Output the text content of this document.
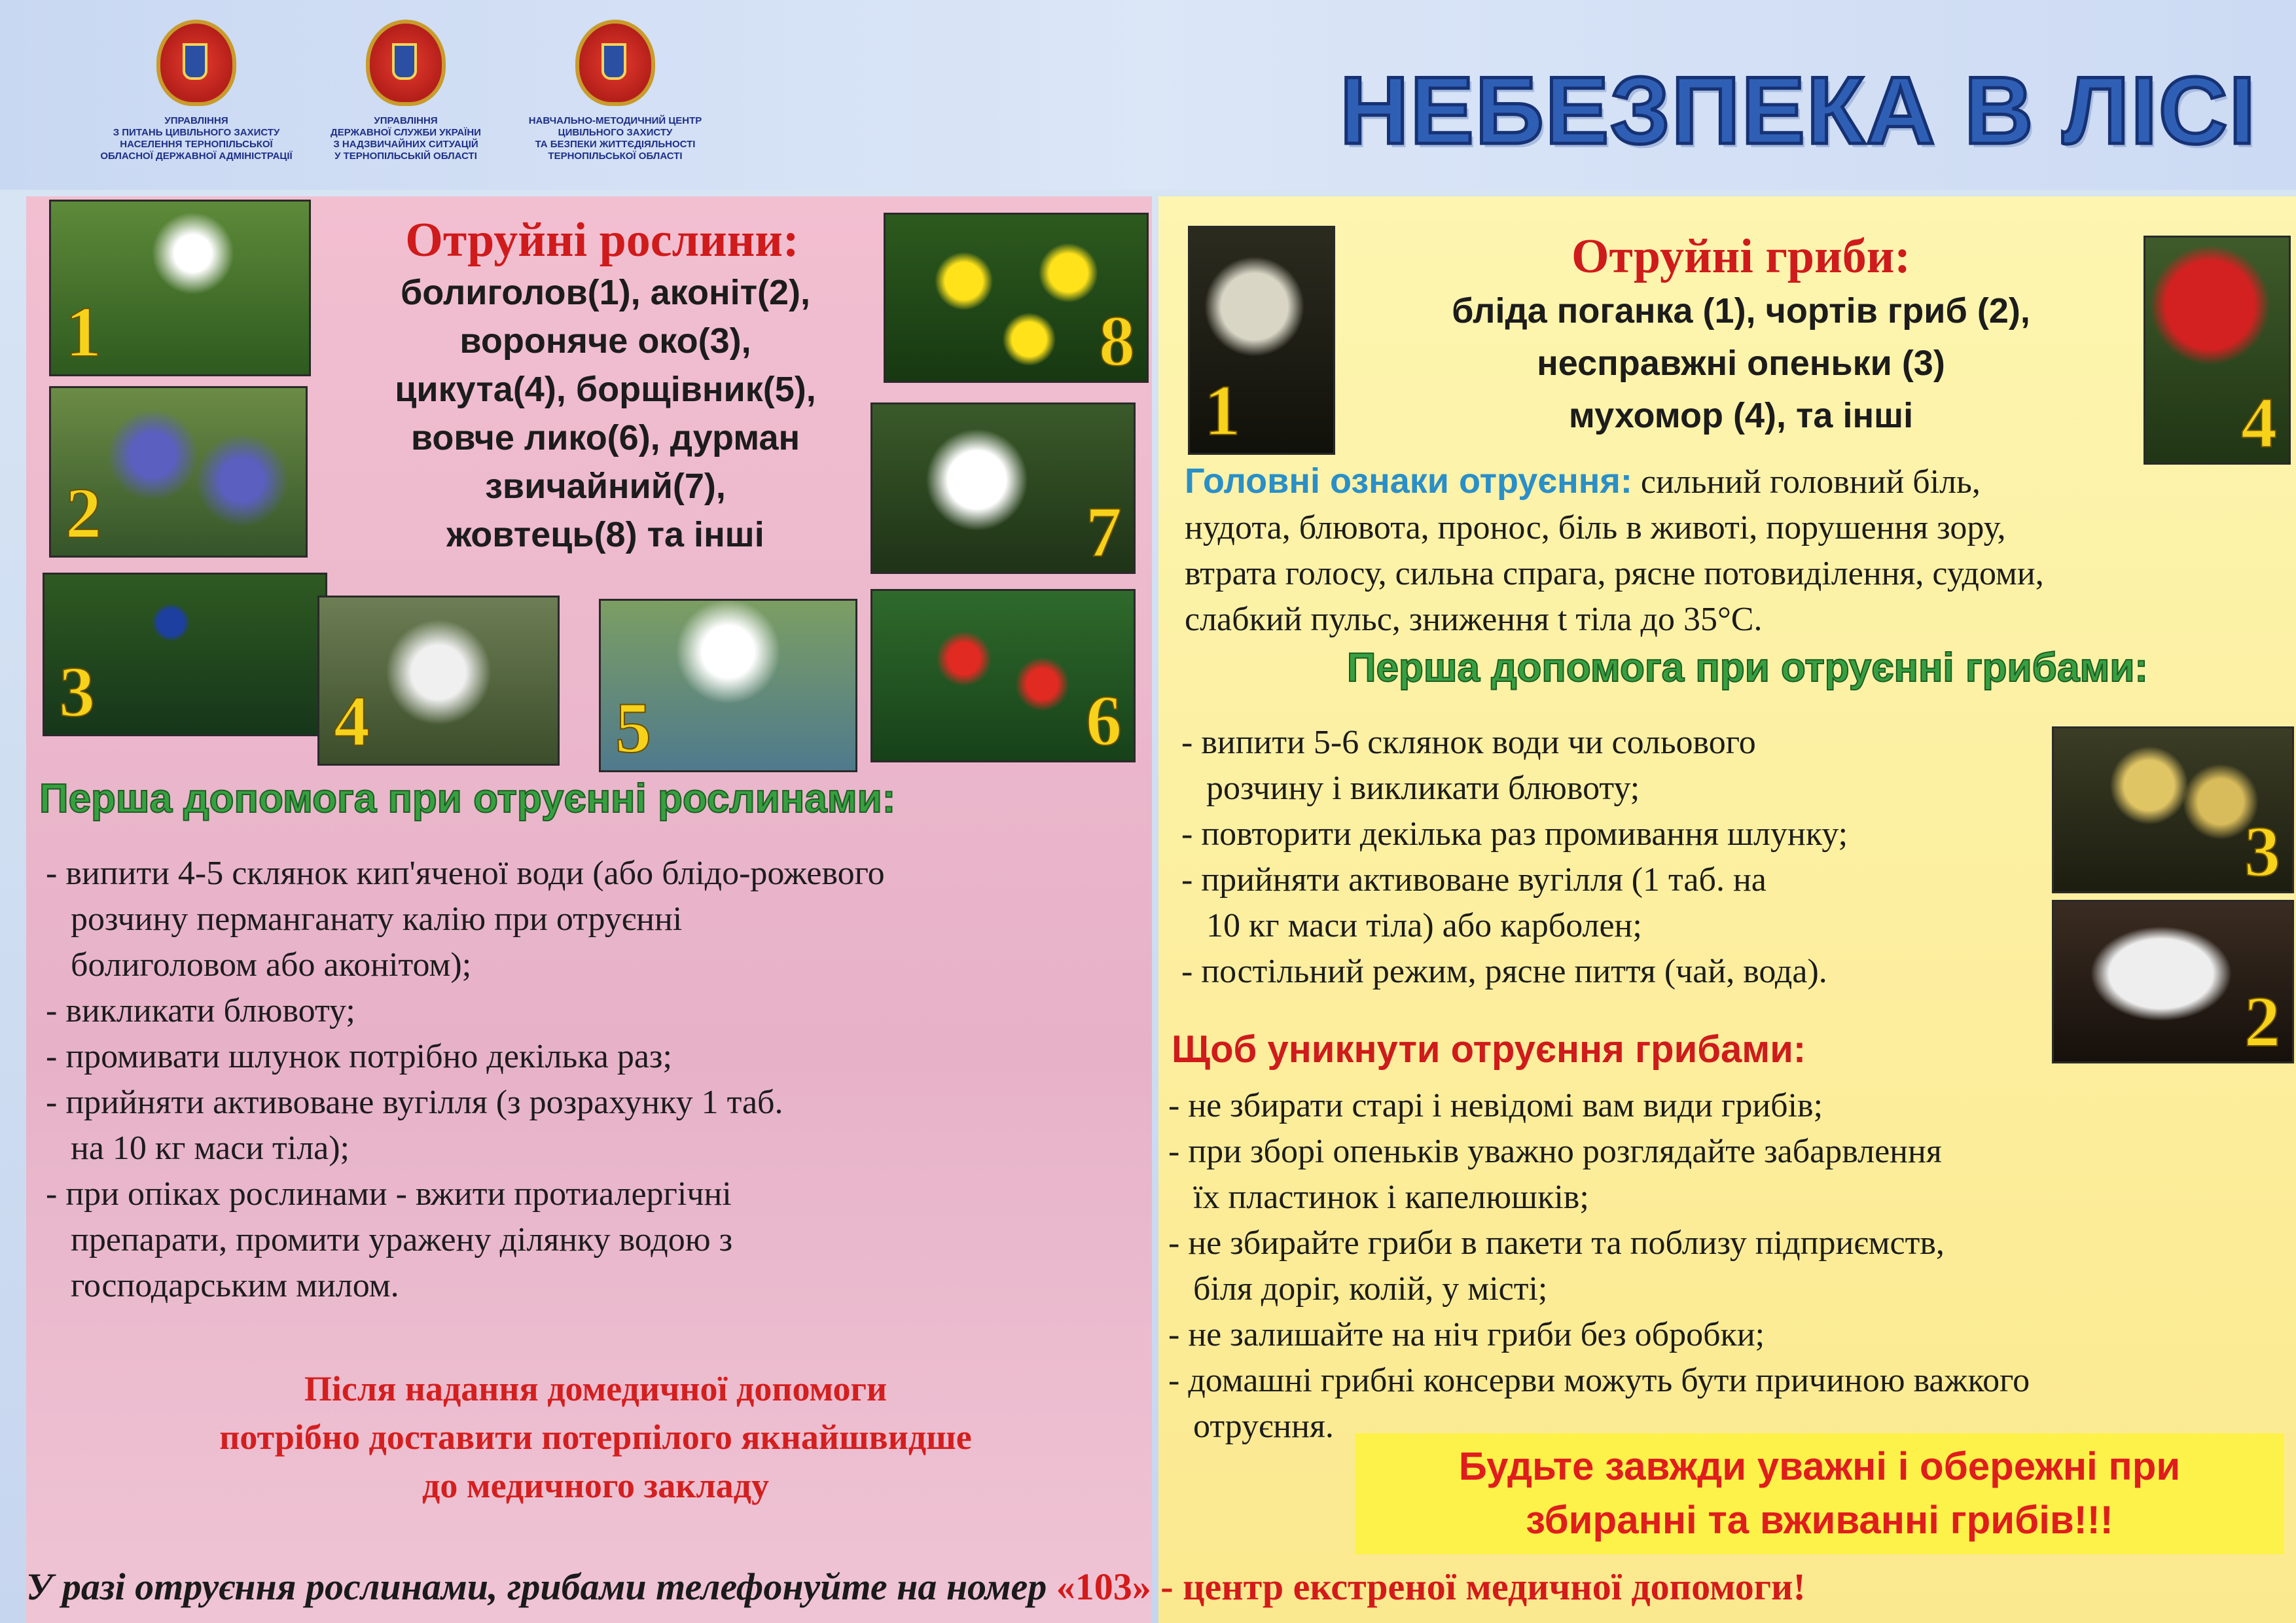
УПРАВЛІННЯ
З ПИТАНЬ ЦИВІЛЬНОГО ЗАХИСТУ
НАСЕЛЕННЯ ТЕРНОПІЛЬСЬКОЇ
ОБЛАСНОЇ ДЕРЖАВНОЇ АДМІНІСТРАЦІЇ
УПРАВЛІННЯ
ДЕРЖАВНОЇ СЛУЖБИ УКРАЇНИ
З НАДЗВИЧАЙНИХ СИТУАЦІЙ
У ТЕРНОПІЛЬСЬКІЙ ОБЛАСТІ
НАВЧАЛЬНО-МЕТОДИЧНИЙ ЦЕНТР
ЦИВІЛЬНОГО ЗАХИСТУ
ТА БЕЗПЕКИ ЖИТТЄДІЯЛЬНОСТІ
ТЕРНОПІЛЬСЬКОЇ ОБЛАСТІ	НЕБЕЗПЕКА В ЛІСІ
1
2
3	4	5	6
7
8
Отруйні рослини:
болиголов(1), аконіт(2),
вороняче око(3),
цикута(4), борщівник(5),
вовче лико(6), дурман
звичайний(7),
жовтець(8) та інші
Перша допомога при отруєнні рослинами:
- випити 4-5 склянок кип'яченої води (або блідо-рожевого
розчину перманганату калію при отруєнні
болиголовом або аконітом);
- викликати блювоту;
- промивати шлунок потрібно декілька раз;
- прийняти активоване вугілля (з розрахунку 1 таб.
на 10 кг маси тіла);
- при опіках рослинами - вжити протиалергічні
препарати, промити уражену ділянку водою з
господарським милом.
Після надання домедичної допомоги
потрібно доставити потерпілого якнайшвидше
до медичного закладу
1	4
3
2
Отруйні гриби:
бліда поганка (1), чортів гриб (2),
несправжні опеньки (3)
мухомор (4), та інші
Головні ознаки отруєння: сильний головний біль,
нудота, блювота, пронос, біль в животі, порушення зору,
втрата голосу, сильна спрага, рясне потовиділення, судоми,
слабкий пульс, зниження t тіла до 35°С.
Перша допомога при отруєнні грибами:
- випити 5-6 склянок води чи сольового
розчину і викликати блювоту;
- повторити декілька раз промивання шлунку;
- прийняти активоване вугілля (1 таб. на
10 кг маси тіла) або карболен;
- постільний режим, рясне пиття (чай, вода).
Щоб уникнути отруєння грибами:
- не збирати старі і невідомі вам види грибів;
- при зборі опеньків уважно розглядайте забарвлення
їх пластинок і капелюшків;
- не збирайте гриби в пакети та поблизу підприємств,
біля доріг, колій, у місті;
- не залишайте на ніч гриби без обробки;
- домашні грибні консерви можуть бути причиною важкого
отруєння.
Будьте завжди уважні і обережні при
збиранні та вживанні грибів!!!
У разі отруєння рослинами, грибами телефонуйте на номер «103» - центр екстреної медичної допомоги!
